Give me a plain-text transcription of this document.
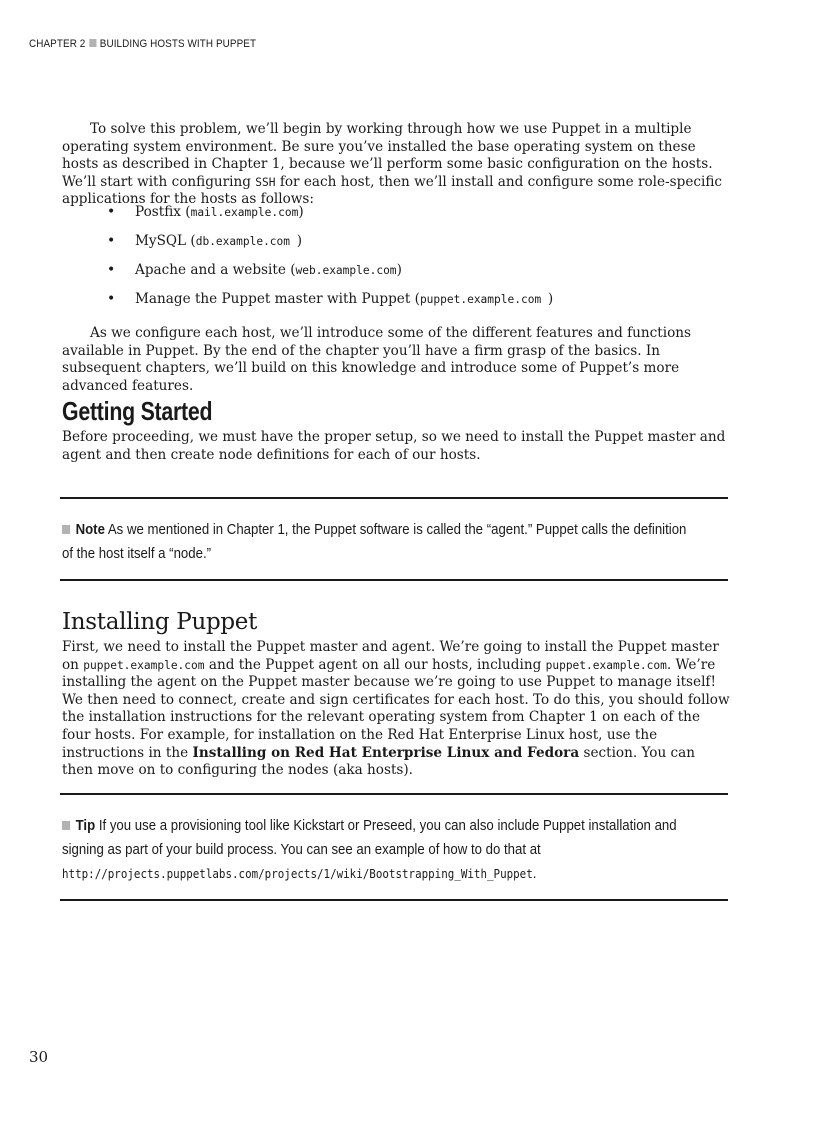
CHAPTER 2 BUILDING HOSTS WITH PUPPET

To solve this problem, we’ll begin by working through how we use Puppet in a multiple operating system environment. Be sure you’ve installed the base operating system on these hosts as described in Chapter 1, because we’ll perform some basic configuration on the hosts. We’ll start with configuring SSH for each host, then we’ll install and configure some role-specific applications for the hosts as follows:

• Postfix (mail.example.com)
• MySQL (db.example.com )
• Apache and a website (web.example.com)
• Manage the Puppet master with Puppet (puppet.example.com )

As we configure each host, we’ll introduce some of the different features and functions available in Puppet. By the end of the chapter you’ll have a firm grasp of the basics. In subsequent chapters, we’ll build on this knowledge and introduce some of Puppet’s more advanced features.

Getting Started

Before proceeding, we must have the proper setup, so we need to install the Puppet master and agent and then create node definitions for each of our hosts.

Note As we mentioned in Chapter 1, the Puppet software is called the “agent.” Puppet calls the definition of the host itself a “node.”
Installing Puppet

First, we need to install the Puppet master and agent. We’re going to install the Puppet master on puppet.example.com and the Puppet agent on all our hosts, including puppet.example.com. We’re installing the agent on the Puppet master because we’re going to use Puppet to manage itself! We then need to connect, create and sign certificates for each host. To do this, you should follow the installation instructions for the relevant operating system from Chapter 1 on each of the four hosts. For example, for installation on the Red Hat Enterprise Linux host, use the instructions in the Installing on Red Hat Enterprise Linux and Fedora section. You can then move on to configuring the nodes (aka hosts).

Tip If you use a provisioning tool like Kickstart or Preseed, you can also include Puppet installation and signing as part of your build process. You can see an example of how to do that at
http://projects.puppetlabs.com/projects/1/wiki/Bootstrapping_With_Puppet.
30
